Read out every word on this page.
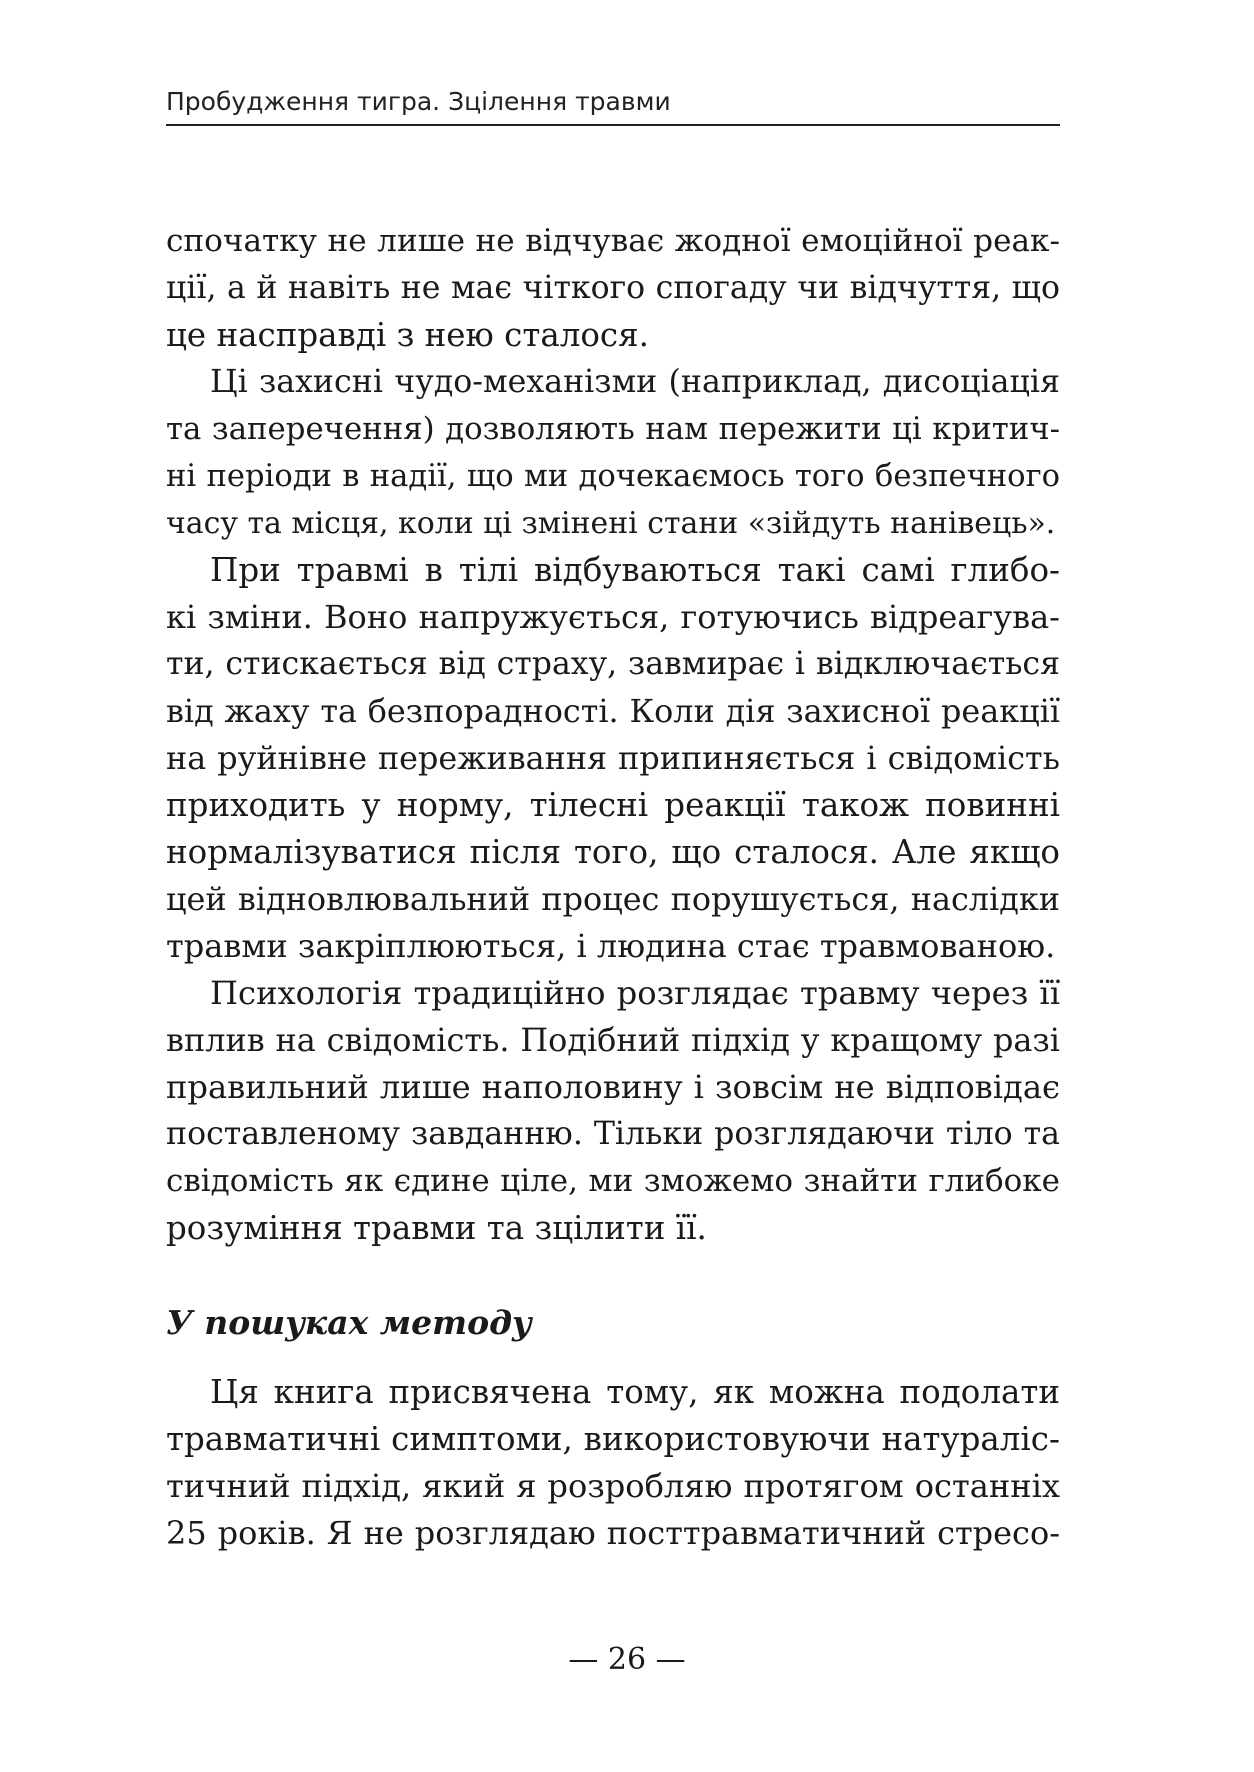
Пробудження тигра. Зцілення травми
спочатку не лише не відчуває жодної емоційної реак-
ції, а й навіть не має чіткого спогаду чи відчуття, що
це насправді з нею сталося.
Ці захисні чудо-механізми (наприклад, дисоціація
та заперечення) дозволяють нам пережити ці критич-
ні періоди в надії, що ми дочекаємось того безпечного
часу та місця, коли ці змінені стани «зійдуть нанівець».
При травмі в тілі відбуваються такі самі глибо-
кі зміни. Воно напружується, готуючись відреагува-
ти, стискається від страху, завмирає і відключається
від жаху та безпорадності. Коли дія захисної реакції
на руйнівне переживання припиняється і свідомість
приходить у норму, тілесні реакції також повинні
нормалізуватися після того, що сталося. Але якщо
цей відновлювальний процес порушується, наслідки
травми закріплюються, і людина стає травмованою.
Психологія традиційно розглядає травму через її
вплив на свідомість. Подібний підхід у кращому разі
правильний лише наполовину і зовсім не відповідає
поставленому завданню. Тільки розглядаючи тіло та
свідомість як єдине ціле, ми зможемо знайти глибоке
розуміння травми та зцілити її.
У пошуках методу
Ця книга присвячена тому, як можна подолати
травматичні симптоми, використовуючи натураліс-
тичний підхід, який я розробляю протягом останніх
25 років. Я не розглядаю посттравматичний стресо-
— 26 —
